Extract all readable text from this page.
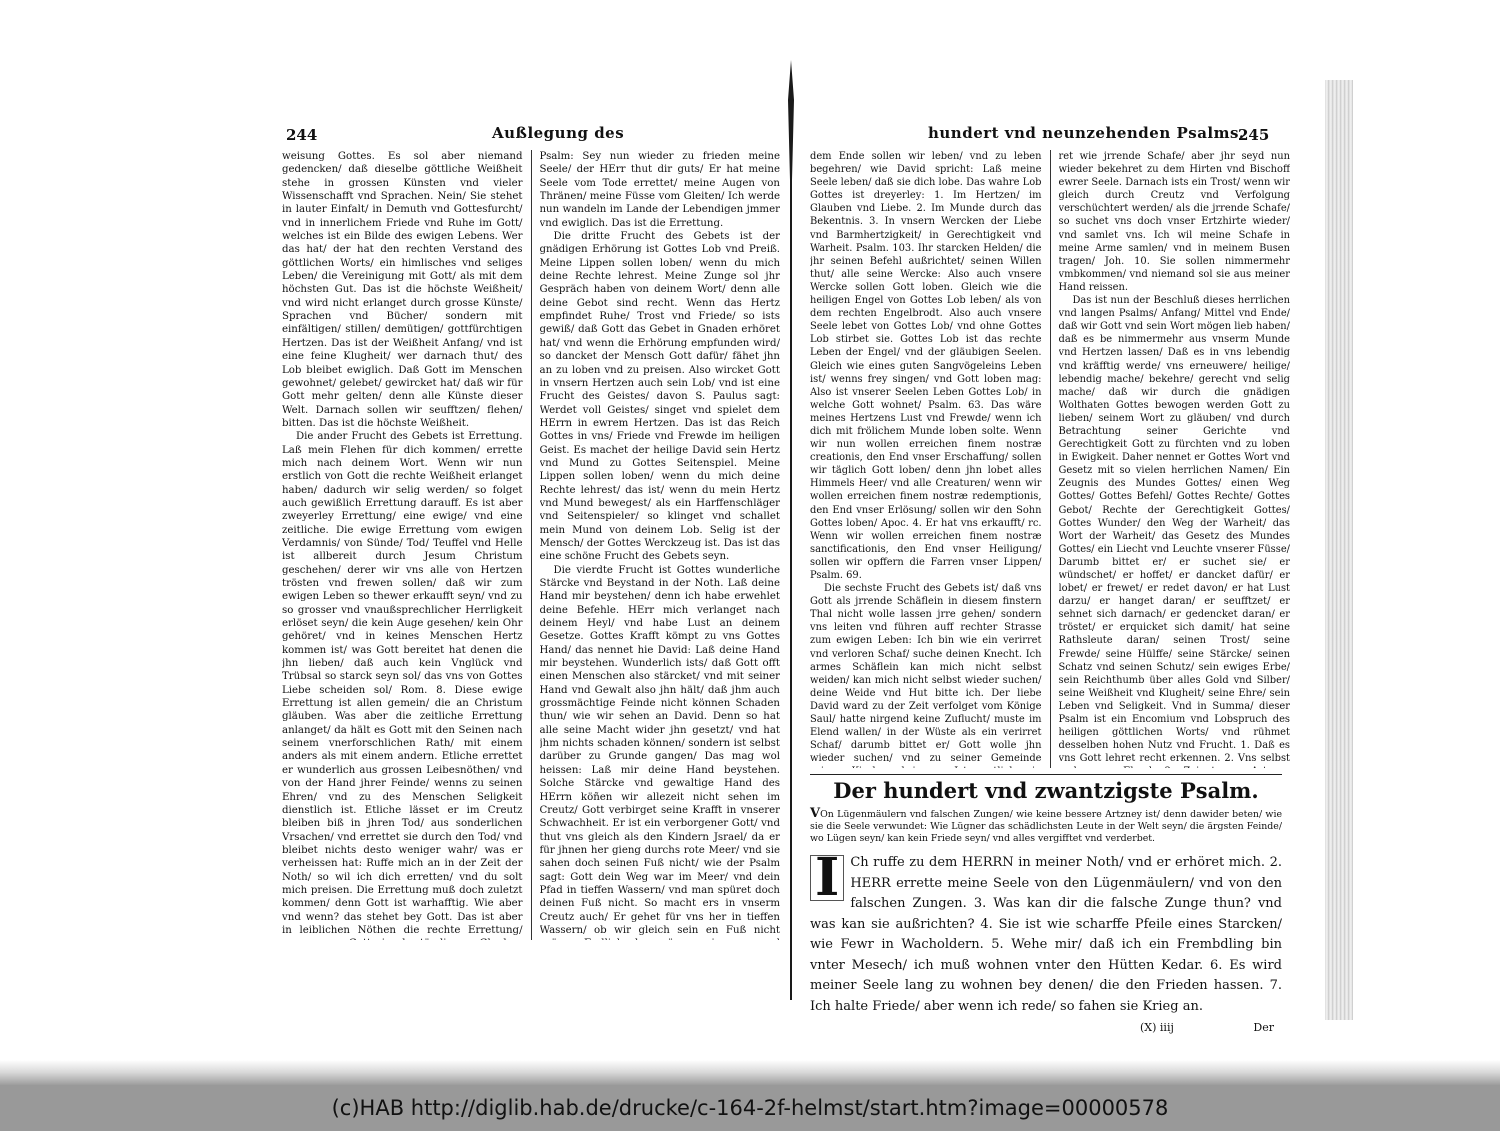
244	Außlegung des

weisung Gottes. Es sol aber niemand gedencken/ daß dieselbe göttliche Weißheit stehe in grossen Künsten vnd vieler Wissenschafft vnd Sprachen. Nein/ Sie stehet in lauter Einfalt/ in Demuth vnd Gottesfurcht/ vnd in innerlichem Friede vnd Ruhe im Gott/ welches ist ein Bilde des ewigen Lebens. Wer das hat/ der hat den rechten Verstand des göttlichen Worts/ ein himlisches vnd seliges Leben/ die Vereinigung mit Gott/ als mit dem höchsten Gut. Das ist die höchste Weißheit/ vnd wird nicht erlanget durch grosse Künste/ Sprachen vnd Bücher/ sondern mit einfältigen/ stillen/ demütigen/ gottfürchtigen Hertzen. Das ist der Weißheit Anfang/ vnd ist eine feine Klugheit/ wer darnach thut/ des Lob bleibet ewiglich. Daß Gott im Menschen gewohnet/ gelebet/ gewircket hat/ daß wir für Gott mehr gelten/ denn alle Künste dieser Welt. Darnach sollen wir seufftzen/ flehen/ bitten. Das ist die höchste Weißheit.

Die ander Frucht des Gebets ist Errettung. Laß mein Flehen für dich kommen/ errette mich nach deinem Wort. Wenn wir nun erstlich von Gott die rechte Weißheit erlanget haben/ dadurch wir selig werden/ so folget auch gewißlich Errettung darauff. Es ist aber zweyerley Errettung/ eine ewige/ vnd eine zeitliche. Die ewige Errettung vom ewigen Verdamnis/ von Sünde/ Tod/ Teuffel vnd Helle ist allbereit durch Jesum Christum geschehen/ derer wir vns alle von Hertzen trösten vnd frewen sollen/ daß wir zum ewigen Leben so thewer erkaufft seyn/ vnd zu so grosser vnd vnaußsprechlicher Herrligkeit erlöset seyn/ die kein Auge gesehen/ kein Ohr gehöret/ vnd in keines Menschen Hertz kommen ist/ was Gott bereitet hat denen die jhn lieben/ daß auch kein Vnglück vnd Trübsal so starck seyn sol/ das vns von Gottes Liebe scheiden sol/ Rom. 8. Diese ewige Errettung ist allen gemein/ die an Christum gläuben. Was aber die zeitliche Errettung anlanget/ da hält es Gott mit den Seinen nach seinem vnerforschlichen Rath/ mit einem anders als mit einem andern. Etliche errettet er wunderlich aus grossen Leibesnöthen/ vnd von der Hand jhrer Feinde/ wenns zu seinen Ehren/ vnd zu des Menschen Seligkeit dienstlich ist. Etliche lässet er im Creutz bleiben biß in jhren Tod/ aus sonderlichen Vrsachen/ vnd errettet sie durch den Tod/ vnd bleibet nichts desto weniger wahr/ was er verheissen hat: Ruffe mich an in der Zeit der Noth/ so wil ich dich erretten/ vnd du solt mich preisen. Die Errettung muß doch zuletzt kommen/ denn Gott ist warhafftig. Wie aber vnd wenn? das stehet bey Gott. Das ist aber in leiblichen Nöthen die rechte Errettung/

Psalm: Sey nun wieder zu frieden meine Seele/ der HErr thut dir guts/ Er hat meine Seele vom Tode errettet/ meine Augen von Thränen/ meine Füsse vom Gleiten/ Ich werde nun wandeln im Lande der Lebendigen jmmer vnd ewiglich. Das ist die Errettung.

Die dritte Frucht des Gebets ist der gnädigen Erhörung ist Gottes Lob vnd Preiß. Meine Lippen sollen loben/ wenn du mich deine Rechte lehrest. Meine Zunge sol jhr Gespräch haben von deinem Wort/ denn alle deine Gebot sind recht. Wenn das Hertz empfindet Ruhe/ Trost vnd Friede/ so ists gewiß/ daß Gott das Gebet in Gnaden erhöret hat/ vnd wenn die Erhörung empfunden wird/ so dancket der Mensch Gott dafür/ fähet jhn an zu loben vnd zu preisen. Also wircket Gott in vnsern Hertzen auch sein Lob/ vnd ist eine Frucht des Geistes/ davon S. Paulus sagt: Werdet voll Geistes/ singet vnd spielet dem HErrn in ewrem Hertzen. Das ist das Reich Gottes in vns/ Friede vnd Frewde im heiligen Geist. Es machet der heilige David sein Hertz vnd Mund zu Gottes Seitenspiel. Meine Lippen sollen loben/ wenn du mich deine Rechte lehrest/ das ist/ wenn du mein Hertz vnd Mund bewegest/ als ein Harffenschläger vnd Seitenspieler/ so klinget vnd schallet mein Mund von deinem Lob. Selig ist der Mensch/ der Gottes Werckzeug ist. Das ist das eine schöne Frucht des Gebets seyn.

Die vierdte Frucht ist Gottes wunderliche Stärcke vnd Beystand in der Noth. Laß deine Hand mir beystehen/ denn ich habe erwehlet deine Befehle. HErr mich verlanget nach deinem Heyl/ vnd habe Lust an deinem Gesetze. Gottes Krafft kömpt zu vns Gottes Hand/ das nennet hie David: Laß deine Hand mir beystehen. Wunderlich ists/ daß Gott offt einen Menschen also stärcket/ vnd mit seiner Hand vnd Gewalt also jhn hält/ daß jhm auch grossmächtige Feinde nicht können Schaden thun/ wie wir sehen an David. Denn so hat alle seine Macht wider jhn gesetzt/ vnd hat jhm nichts schaden können/ sondern ist selbst darüber zu Grunde gangen/ Das mag wol heissen: Laß mir deine Hand beystehen. Solche Stärcke vnd gewaltige Hand des HErrn köñen wir allezeit nicht sehen im Creutz/ Gott verbirget seine Krafft in vnserer Schwachheit. Er ist ein verborgener Gott/ vnd thut vns gleich als den Kindern Jsrael/ da er für jhnen her gieng durchs rote Meer/ vnd sie sahen doch seinen Fuß nicht/ wie der Psalm sagt: Gott dein Weg war im Meer/ vnd dein Pfad in tieffen Wassern/ vnd man spüret doch deinen Fuß nicht. So macht ers in vnserm Creutz auch/ Er gehet für vns her in tieffen Wassern/ ob wir gleich sein en Fuß nicht

hundert vnd neunzehenden Psalms.
245

dem Ende sollen wir leben/ vnd zu leben begehren/ wie David spricht: Laß meine Seele leben/ daß sie dich lobe. Das wahre Lob Gottes ist dreyerley: 1. Im Hertzen/ im Glauben vnd Liebe. 2. Im Munde durch das Bekentnis. 3. In vnsern Wercken der Liebe vnd Barmhertzigkeit/ in Gerechtigkeit vnd Warheit. Psalm. 103. Ihr starcken Helden/ die jhr seinen Befehl außrichtet/ seinen Willen thut/ alle seine Wercke: Also auch vnsere Wercke sollen Gott loben. Gleich wie die heiligen Engel von Gottes Lob leben/ als von dem rechten Engelbrodt. Also auch vnsere Seele lebet von Gottes Lob/ vnd ohne Gottes Lob stirbet sie. Gottes Lob ist das rechte Leben der Engel/ vnd der gläubigen Seelen. Gleich wie eines guten Sangvögeleins Leben ist/ wenns frey singen/ vnd Gott loben mag: Also ist vnserer Seelen Leben Gottes Lob/ in welche Gott wohnet/ Psalm. 63. Das wäre meines Hertzens Lust vnd Frewde/ wenn ich dich mit frölichem Munde loben solte. Wenn wir nun wollen erreichen finem nostræ creationis, den End vnser Erschaffung/ sollen wir täglich Gott loben/ denn jhn lobet alles Himmels Heer/ vnd alle Creaturen/ wenn wir wollen erreichen finem nostræ redemptionis, den End vnser Erlösung/ sollen wir den Sohn Gottes loben/ Apoc. 4. Er hat vns erkaufft/ rc. Wenn wir wollen erreichen finem nostræ sanctificationis, den End vnser Heiligung/ sollen wir opffern die Farren vnser Lippen/ Psalm. 69.

Die sechste Frucht des Gebets ist/ daß vns Gott als jrrende Schäflein in diesem finstern Thal nicht wolle lassen jrre gehen/ sondern vns leiten vnd führen auff rechter Strasse zum ewigen Leben: Ich bin wie ein verirret vnd verloren Schaf/ suche deinen Knecht. Ich armes Schäflein kan mich nicht selbst weiden/ kan mich nicht selbst wieder suchen/ deine Weide vnd Hut bitte ich. Der liebe David ward zu der Zeit verfolget vom Könige Saul/ hatte nirgend keine Zuflucht/ muste im Elend wallen/ in der Wüste als ein verirret Schaf/ darumb bittet er/ Gott wolle jhn wieder suchen/ vnd zu seiner Gemeinde

ret wie jrrende Schafe/ aber jhr seyd nun wieder bekehret zu dem Hirten vnd Bischoff ewrer Seele. Darnach ists ein Trost/ wenn wir gleich durch Creutz vnd Verfolgung verschüchtert werden/ als die jrrende Schafe/ so suchet vns doch vnser Ertzhirte wieder/ vnd samlet vns. Ich wil meine Schafe in meine Arme samlen/ vnd in meinem Busen tragen/ Joh. 10. Sie sollen nimmermehr vmbkommen/ vnd niemand sol sie aus meiner Hand reissen.

Das ist nun der Beschluß dieses herrlichen vnd langen Psalms/ Anfang/ Mittel vnd Ende/ daß wir Gott vnd sein Wort mögen lieb haben/ daß es be nimmermehr aus vnserm Munde vnd Hertzen lassen/ Daß es in vns lebendig vnd kräfftig werde/ vns erneuwere/ heilige/ lebendig mache/ bekehre/ gerecht vnd selig mache/ daß wir durch die gnädigen Wolthaten Gottes bewogen werden Gott zu lieben/ seinem Wort zu gläuben/ vnd durch Betrachtung seiner Gerichte vnd Gerechtigkeit Gott zu fürchten vnd zu loben in Ewigkeit. Daher nennet er Gottes Wort vnd Gesetz mit so vielen herrlichen Namen/ Ein Zeugnis des Mundes Gottes/ einen Weg Gottes/ Gottes Befehl/ Gottes Rechte/ Gottes Gebot/ Rechte der Gerechtigkeit Gottes/ Gottes Wunder/ den Weg der Warheit/ das Wort der Warheit/ das Gesetz des Mundes Gottes/ ein Liecht vnd Leuchte vnserer Füsse/ Darumb bittet er/ er suchet sie/ er wündschet/ er hoffet/ er dancket dafür/ er lobet/ er frewet/ er redet davon/ er hat Lust darzu/ er hanget daran/ er seufftzet/ er sehnet sich darnach/ er gedencket daran/ er tröstet/ er erquicket sich damit/ hat seine Rathsleute daran/ seinen Trost/ seine Frewde/ seine Hülffe/ seine Stärcke/ seinen Schatz vnd seinen Schutz/ sein ewiges Erbe/ sein Reichthumb über alles Gold vnd Silber/ seine Weißheit vnd Klugheit/ seine Ehre/ sein Leben vnd Seligkeit. Vnd in Summa/ dieser Psalm ist ein Encomium vnd Lobspruch des heiligen göttlichen Worts/ vnd rühmet desselben hohen Nutz vnd Frucht. 1. Daß es vns Gott lehret recht erkennen. 2. Vns selbst

Der hundert vnd zwantzigste Psalm.
VOn Lügenmäulern vnd falschen Zungen/ wie keine bessere Artzney ist/ denn dawider beten/ wie sie die Seele verwundet: Wie Lügner das schädlichsten Leute in der Welt seyn/ die ärgsten Feinde/ wo Lügen seyn/ kan kein Friede seyn/ vnd alles vergifftet vnd verderbet.
I Ch ruffe zu dem HERRN in meiner Noth/ vnd er erhöret mich. 2. HERR errette meine Seele von den Lügenmäulern/ vnd von den falschen Zungen. 3. Was kan dir die falsche Zunge thun? vnd was kan sie außrichten? 4. Sie ist wie scharffe Pfeile eines Starcken/ wie Fewr in Wacholdern. 5. Wehe mir/ daß ich ein Frembdling bin vnter Mesech/ ich muß wohnen vnter den Hütten Kedar. 6. Es wird meiner Seele lang zu wohnen bey denen/ die den Frieden hassen. 7. Ich halte Friede/ aber wenn ich rede/ so fahen sie Krieg an.
(X) iiij	Der
(c)HAB http://diglib.hab.de/drucke/c-164-2f-helmst/start.htm?image=00000578
